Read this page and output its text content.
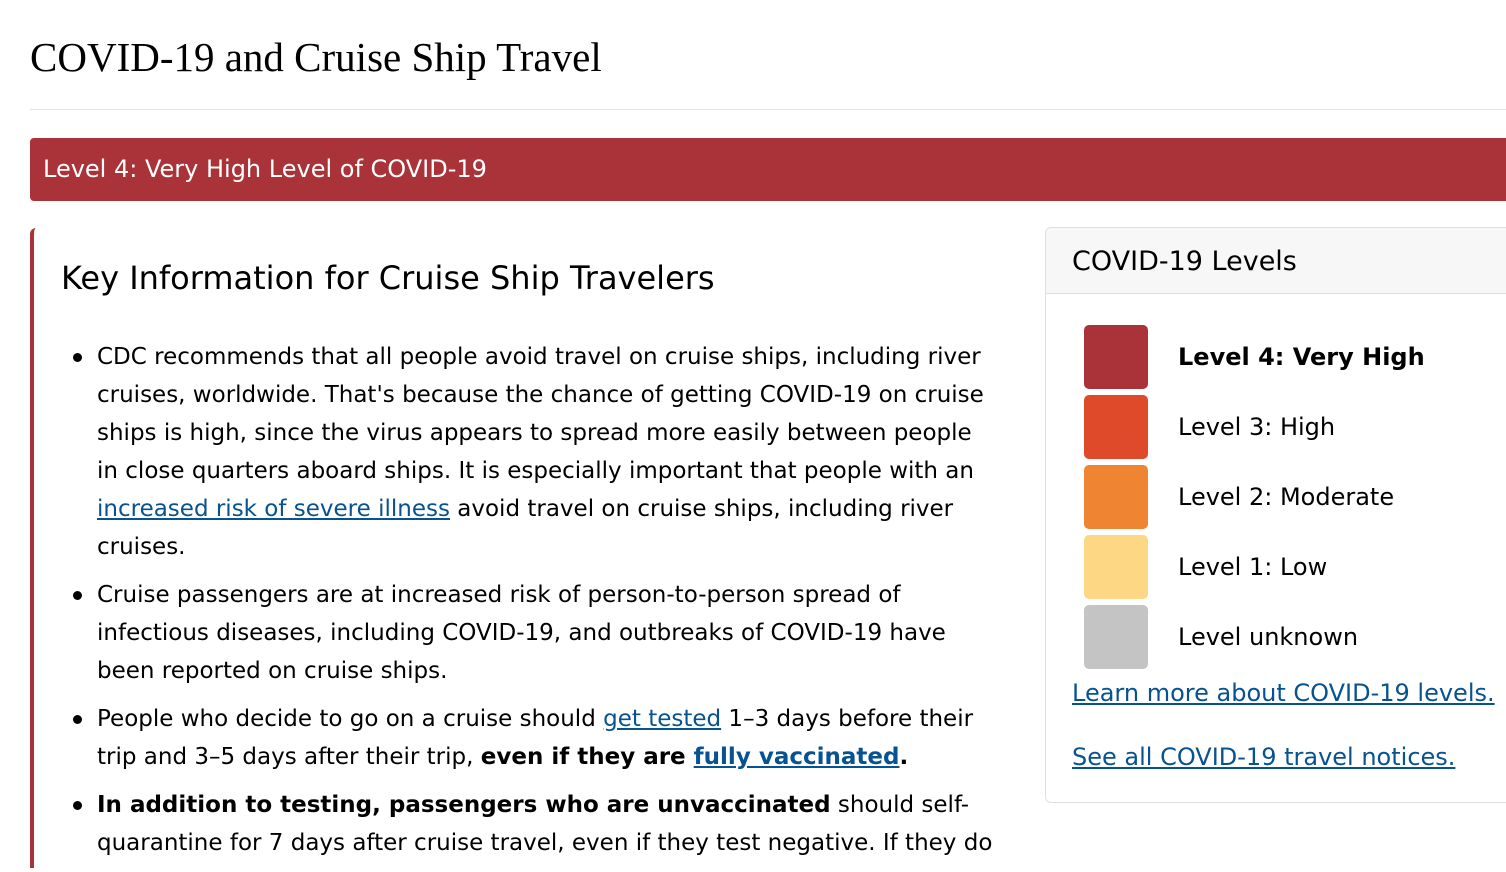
COVID-19 and Cruise Ship Travel
Level 4: Very High Level of COVID-19
Key Information for Cruise Ship Travelers
CDC recommends that all people avoid travel on cruise ships, including river cruises, worldwide. That's because the chance of getting COVID-19 on cruise ships is high, since the virus appears to spread more easily between people in close quarters aboard ships. It is especially important that people with an increased risk of severe illness avoid travel on cruise ships, including river cruises.
Cruise passengers are at increased risk of person-to-person spread of infectious diseases, including COVID-19, and outbreaks of COVID-19 have been reported on cruise ships.
People who decide to go on a cruise should get tested 1–3 days before their trip and 3–5 days after their trip, even if they are fully vaccinated.
In addition to testing, passengers who are unvaccinated should self-quarantine for 7 days after cruise travel, even if they test negative. If they do
COVID-19 Levels
Level 4: Very High
Level 3: High
Level 2: Moderate
Level 1: Low
Level unknown
Learn more about COVID-19 levels.
See all COVID-19 travel notices.
